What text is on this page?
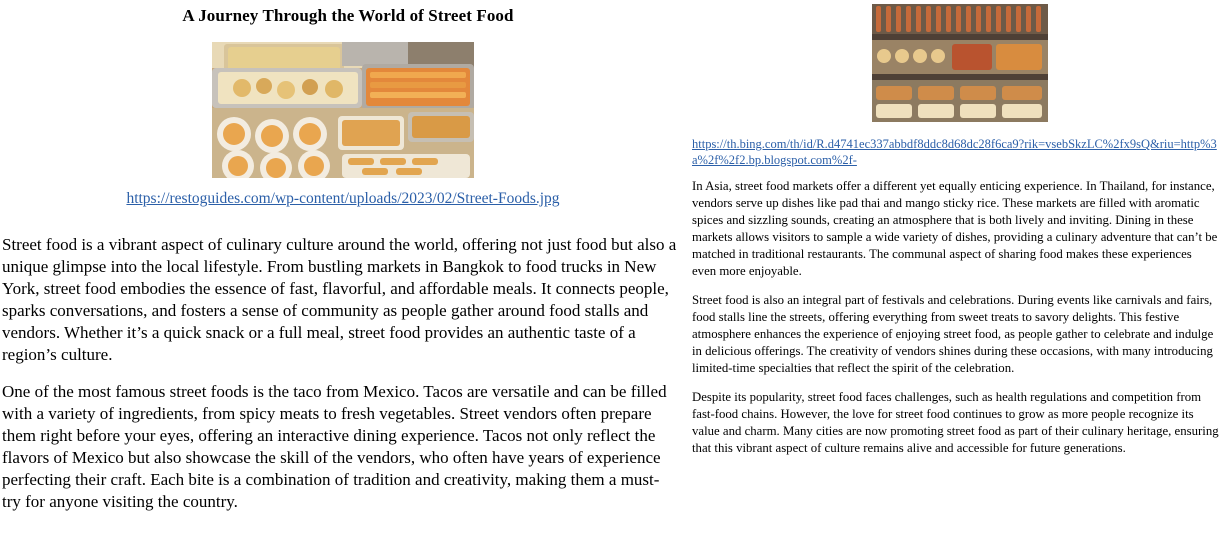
A Journey Through the World of Street Food
https://restoguides.com/wp-content/uploads/2023/02/Street-Foods.jpg

Street food is a vibrant aspect of culinary culture around the world, offering not just food but also a unique glimpse into the local lifestyle. From bustling markets in Bangkok to food trucks in New York, street food embodies the essence of fast, flavorful, and affordable meals. It connects people, sparks conversations, and fosters a sense of community as people gather around food stalls and vendors. Whether it’s a quick snack or a full meal, street food provides an authentic taste of a region’s culture.

One of the most famous street foods is the taco from Mexico. Tacos are versatile and can be filled with a variety of ingredients, from spicy meats to fresh vegetables. Street vendors often prepare them right before your eyes, offering an interactive dining experience. Tacos not only reflect the flavors of Mexico but also showcase the skill of the vendors, who often have years of experience perfecting their craft. Each bite is a combination of tradition and creativity, making them a must-try for anyone visiting the country.

https://th.bing.com/th/id/R.d4741ec337abbdf8ddc8d68dc28f6ca9?rik=vsebSkzLC%2fx9sQ&riu=http%3a%2f%2f2.bp.blogspot.com%2f-

In Asia, street food markets offer a different yet equally enticing experience. In Thailand, for instance, vendors serve up dishes like pad thai and mango sticky rice. These markets are filled with aromatic spices and sizzling sounds, creating an atmosphere that is both lively and inviting. Dining in these markets allows visitors to sample a wide variety of dishes, providing a culinary adventure that can’t be matched in traditional restaurants. The communal aspect of sharing food makes these experiences even more enjoyable.

Street food is also an integral part of festivals and celebrations. During events like carnivals and fairs, food stalls line the streets, offering everything from sweet treats to savory delights. This festive atmosphere enhances the experience of enjoying street food, as people gather to celebrate and indulge in delicious offerings. The creativity of vendors shines during these occasions, with many introducing limited-time specialties that reflect the spirit of the celebration.

Despite its popularity, street food faces challenges, such as health regulations and competition from fast-food chains. However, the love for street food continues to grow as more people recognize its value and charm. Many cities are now promoting street food as part of their culinary heritage, ensuring that this vibrant aspect of culture remains alive and accessible for future generations.
